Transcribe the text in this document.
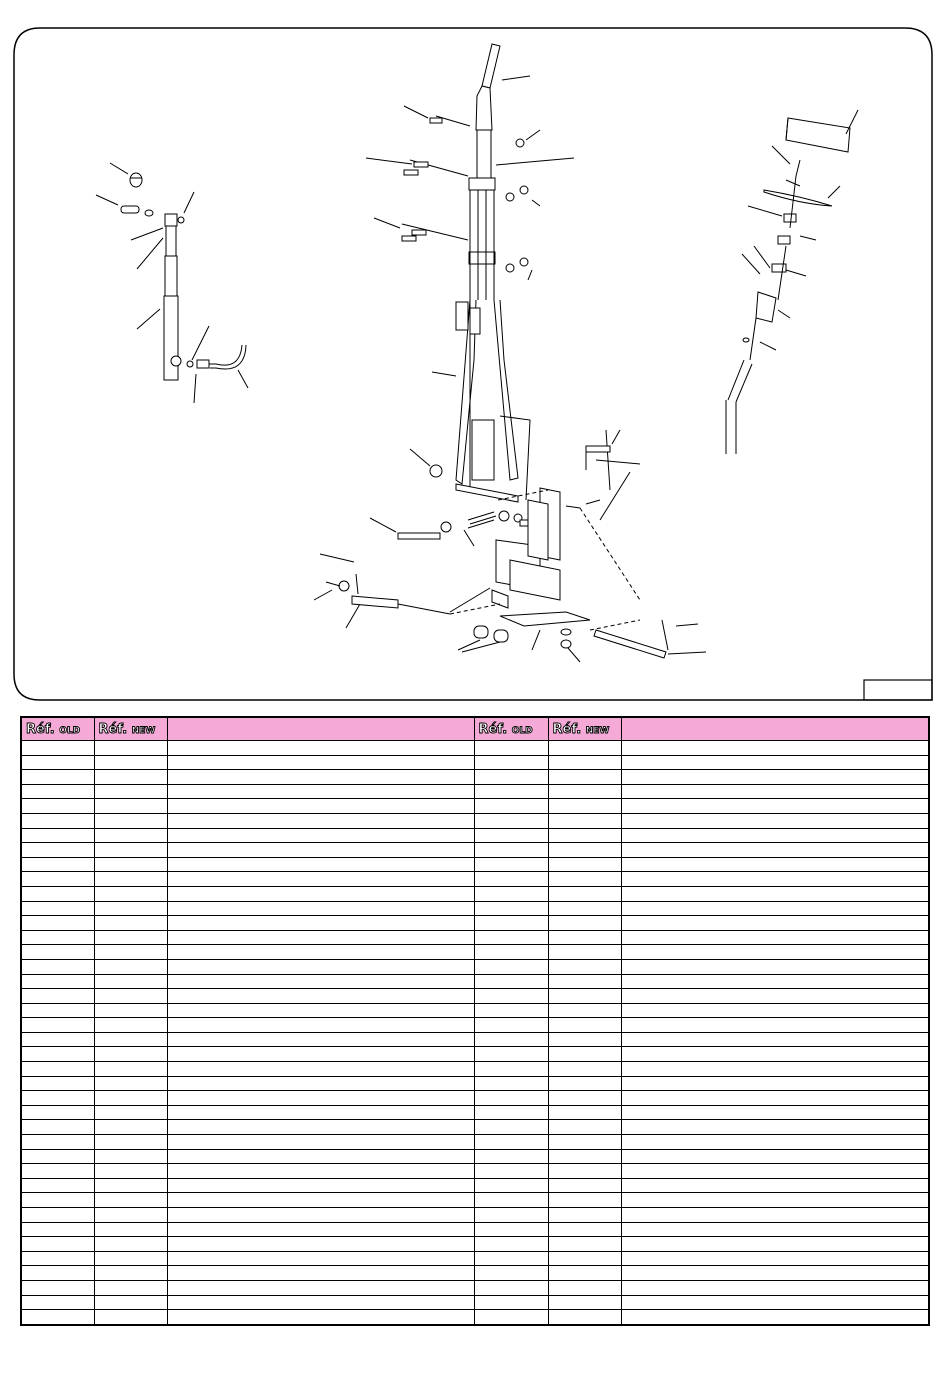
Réf. OLD	Réf. NEW		Réf. OLD	Réf. NEW	
